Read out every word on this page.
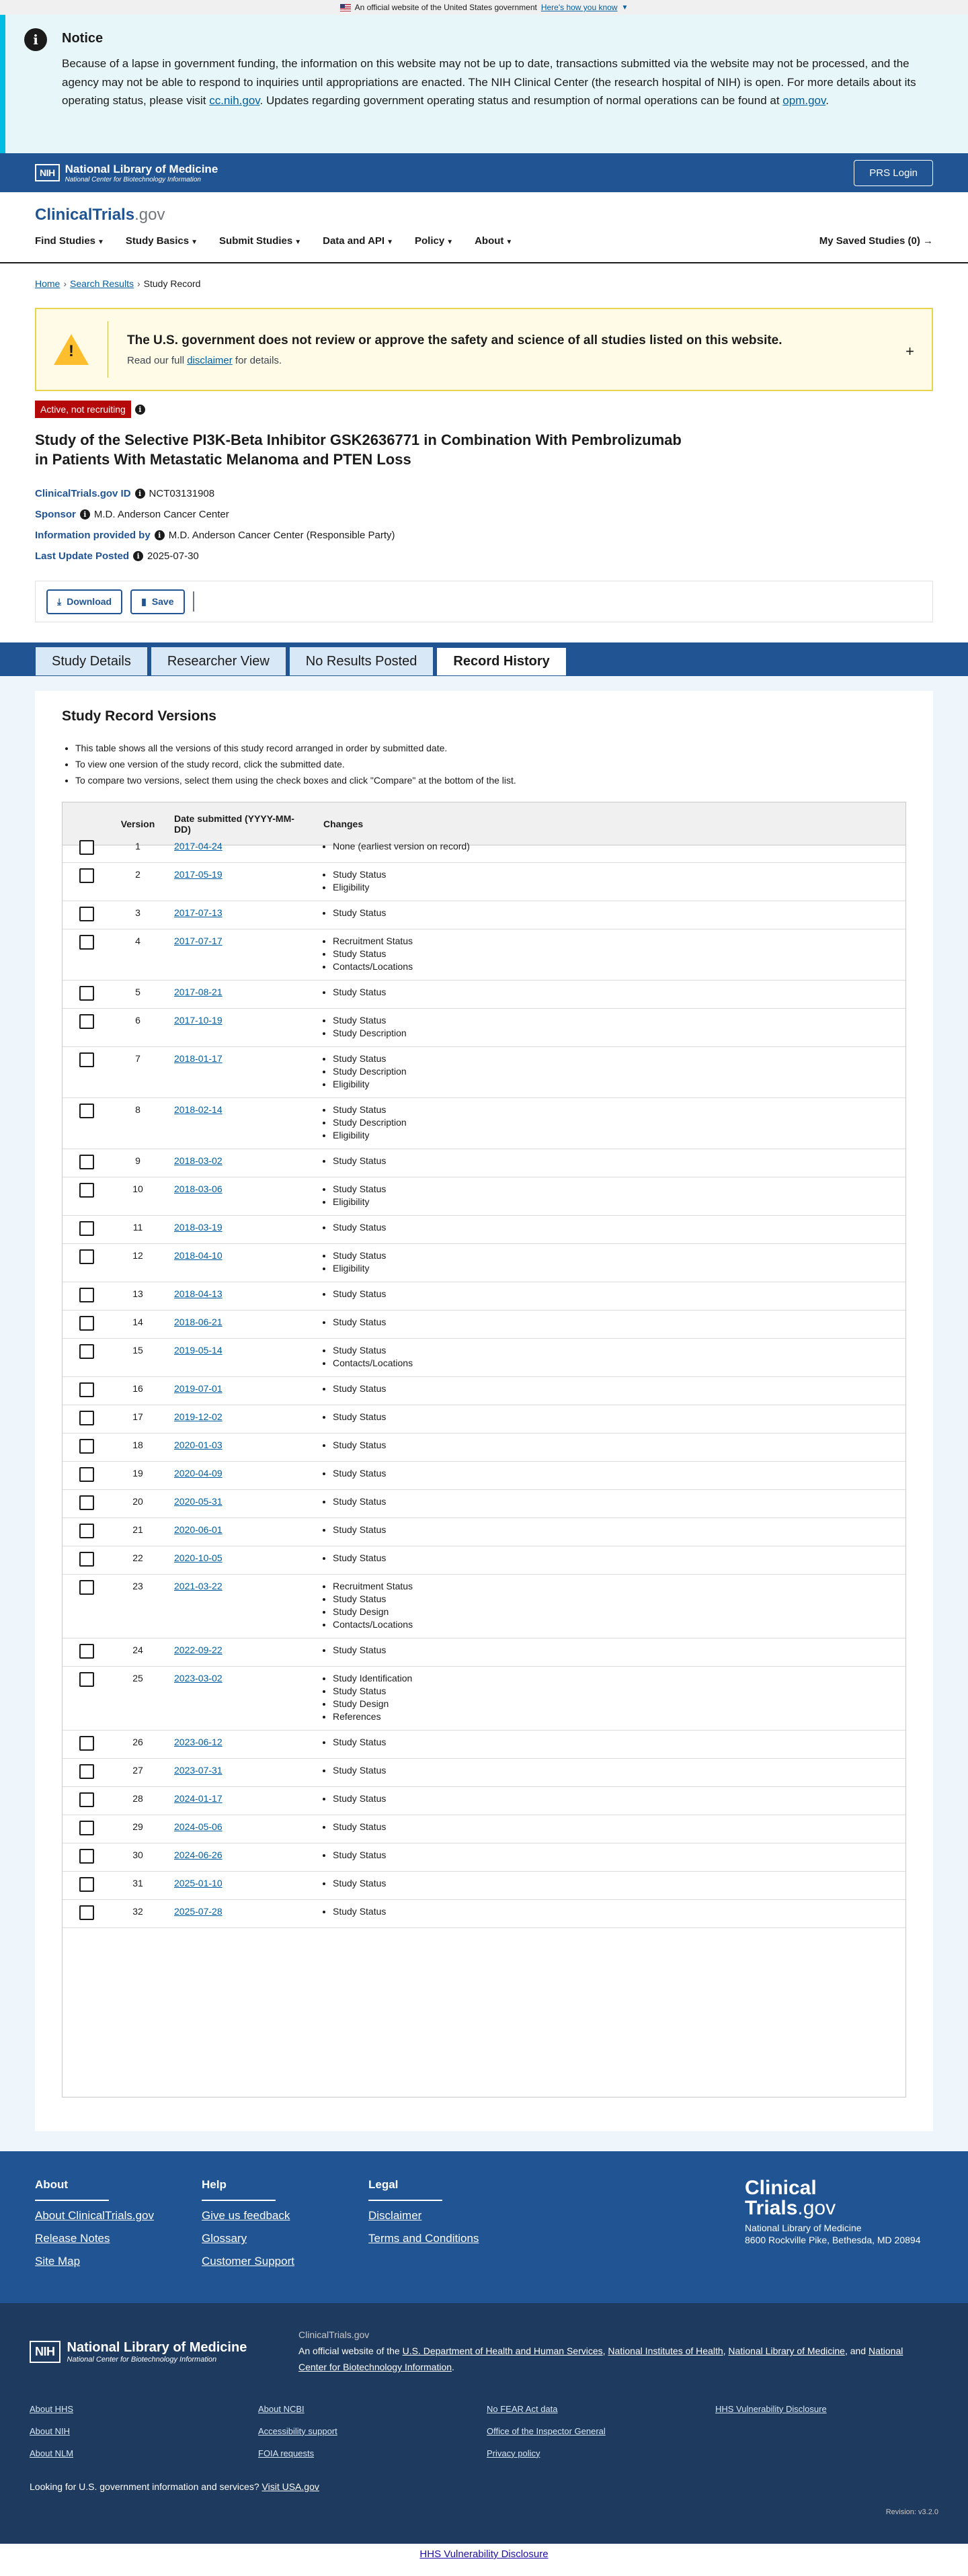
An official website of the United States government Here's how you know ▼
i	Notice

Because of a lapse in government funding, the information on this website may not be up to date, transactions submitted via the website may not be processed, and the agency may not be able to respond to inquiries until appropriations are enacted. The NIH Clinical Center (the research hospital of NIH) is open. For more details about its operating status, please visit cc.nih.gov. Updates regarding government operating status and resumption of normal operations can be found at opm.gov.

NIH National Library of Medicine
National Center for Biotechnology Information
PRS Login
ClinicalTrials.gov
Find Studies ▼ Study Basics ▼ Submit Studies ▼ Data and API ▼ Policy ▼ About ▼	My Saved Studies (0) →
Home › Search Results › Study Record
!
The U.S. government does not review or approve the safety and science of all studies listed on this website.

Read our full disclaimer for details.

+
Active, not recruiting	i
Study of the Selective PI3K-Beta Inhibitor GSK2636771 in Combination With Pembrolizumab in Patients With Metastatic Melanoma and PTEN Loss
ClinicalTrials.gov ID	i NCT03131908
Sponsor	i M.D. Anderson Cancer Center
Information provided by	i M.D. Anderson Cancer Center (Responsible Party)
Last Update Posted	i 2025-07-30
⤓ Download	▮ Save
Study Details	Researcher View	No Results Posted	Record History
Study Record Versions
• This table shows all the versions of this study record arranged in order by submitted date.
• To view one version of the study record, click the submitted date.
• To compare two versions, select them using the check boxes and click "Compare" at the bottom of the list.
Version	Date submitted (YYYY-MM-DD)	Changes
1	2017-04-24	• None (earliest version on record)
2	2017-05-19	• Study Status
• Eligibility
3	2017-07-13	• Study Status
4	2017-07-17	• Recruitment Status
• Study Status
• Contacts/Locations
5	2017-08-21	• Study Status
6	2017-10-19	• Study Status
• Study Description
7	2018-01-17	• Study Status
• Study Description
• Eligibility
8	2018-02-14	• Study Status
• Study Description
• Eligibility
9	2018-03-02	• Study Status
10	2018-03-06	• Study Status
• Eligibility
11	2018-03-19	• Study Status
12	2018-04-10	• Study Status
• Eligibility
13	2018-04-13	• Study Status
14	2018-06-21	• Study Status
15	2019-05-14	• Study Status
• Contacts/Locations
16	2019-07-01	• Study Status
17	2019-12-02	• Study Status
18	2020-01-03	• Study Status
19	2020-04-09	• Study Status
20	2020-05-31	• Study Status
21	2020-06-01	• Study Status
22	2020-10-05	• Study Status
23	2021-03-22	• Recruitment Status
• Study Status
• Study Design
• Contacts/Locations
24	2022-09-22	• Study Status
25	2023-03-02	• Study Identification
• Study Status
• Study Design
• References
26	2023-06-12	• Study Status
27	2023-07-31	• Study Status
28	2024-01-17	• Study Status
29	2024-05-06	• Study Status
30	2024-06-26	• Study Status
31	2025-01-10	• Study Status
32	2025-07-28	• Study Status
About
About ClinicalTrials.gov
Release Notes
Site Map
Help
Give us feedback
Glossary
Customer Support
Legal
Disclaimer
Terms and Conditions
Clinical
Trials.gov
National Library of Medicine
8600 Rockville Pike, Bethesda, MD 20894
NIH National Library of Medicine
National Center for Biotechnology Information
ClinicalTrials.gov
An official website of the U.S. Department of Health and Human Services, National Institutes of Health, National Library of Medicine, and National Center for Biotechnology Information.
About HHS	About NCBI	No FEAR Act data	HHS Vulnerability Disclosure
About NIH	Accessibility support	Office of the Inspector General
About NLM	FOIA requests	Privacy policy
Looking for U.S. government information and services? Visit USA.gov
Revision: v3.2.0
HHS Vulnerability Disclosure
